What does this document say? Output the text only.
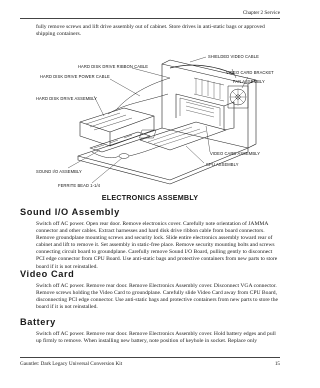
Chapter 2 Service

fully remove screws and lift drive assembly out of cabinet. Store drives in anti-static bags or approved shipping containers.

SHIELDED VIDEO CABLE
HARD DISK DRIVE RIBBON CABLE
VIDEO CARD BRACKET
HARD DISK DRIVE POWER CABLE
FAN ASSEMBLY
HARD DISK DRIVE ASSEMBLY
VIDEO CARD ASSEMBLY
CPU ASSEMBLY
SOUND I/O ASSEMBLY
FERRITE BEAD 1-1/4

ELECTRONICS ASSEMBLY

Sound I/O Assembly

Switch off AC power. Open rear door. Remove electronics cover. Carefully note orientation of JAMMA connector and other cables. Extract harnesses and hard disk drive ribbon cable from board connectors. Remove groundplane mounting screws and security lock. Slide entire electronics assembly toward rear of cabinet and lift to remove it. Set assembly in static-free place. Remove security mounting bolts and screws connecting circuit board to groundplane. Carefully remove Sound I/O Board, pulling gently to disconnect PCI edge connector from CPU Board. Use anti-static bags and protective containers from new parts to store board if it is not reinstalled.

Video Card

Switch off AC power. Remove rear door. Remove Electronics Assembly cover. Disconnect VGA connector. Remove screws holding the Video Card to groundplane. Carefully slide Video Card away from CPU Board, disconnecting PCI edge connector. Use anti-static bags and protective containers from new parts to store the board if it is not reinstalled.

Battery

Switch off AC power. Remove rear door. Remove Electronics Assembly cover. Hold battery edges and pull up firmly to remove. When installing new battery, note position of keyhole in socket. Replace only

Gauntlet: Dark Legacy Universal Conversion Kit	15
